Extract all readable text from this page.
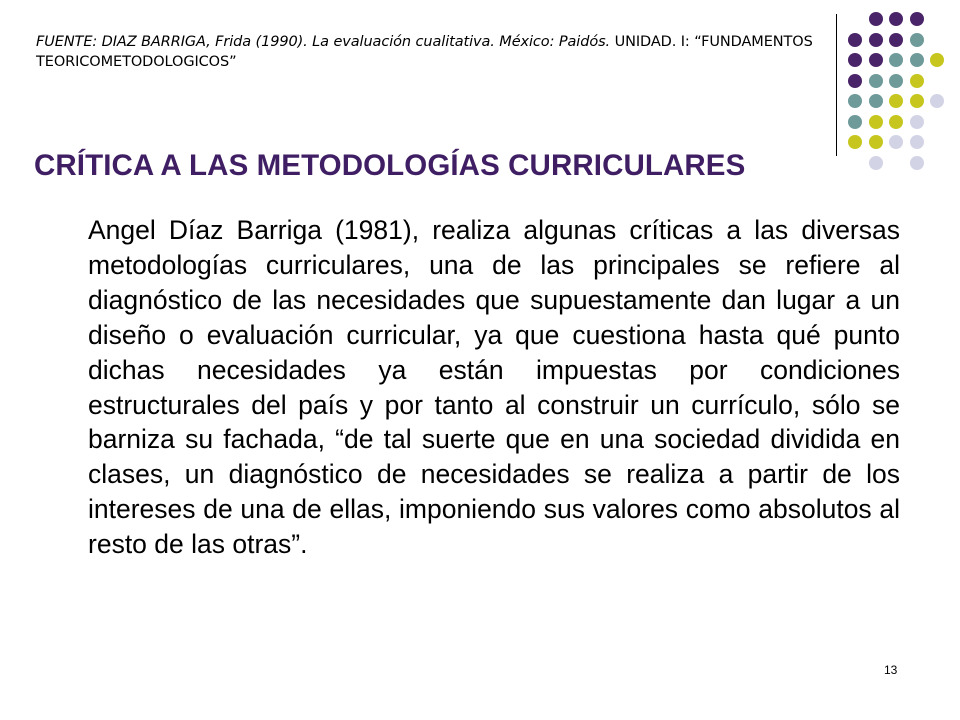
FUENTE: DIAZ BARRIGA, Frida (1990). La evaluación cualitativa. México: Paidós. UNIDAD. I: “FUNDAMENTOS TEORICOMETODOLOGICOS”
CRÍTICA A LAS METODOLOGÍAS CURRICULARES

Angel Díaz Barriga (1981), realiza algunas críticas a las diversas metodologías curriculares, una de las principales se refiere al diagnóstico de las necesidades que supuestamente dan lugar a un diseño o evaluación curricular, ya que cuestiona hasta qué punto dichas necesidades ya están impuestas por condiciones estructurales del país y por tanto al construir un currículo, sólo se barniza su fachada, “de tal suerte que en una sociedad dividida en clases, un diagnóstico de necesidades se realiza a partir de los intereses de una de ellas, imponiendo sus valores como absolutos al resto de las otras”.

13
